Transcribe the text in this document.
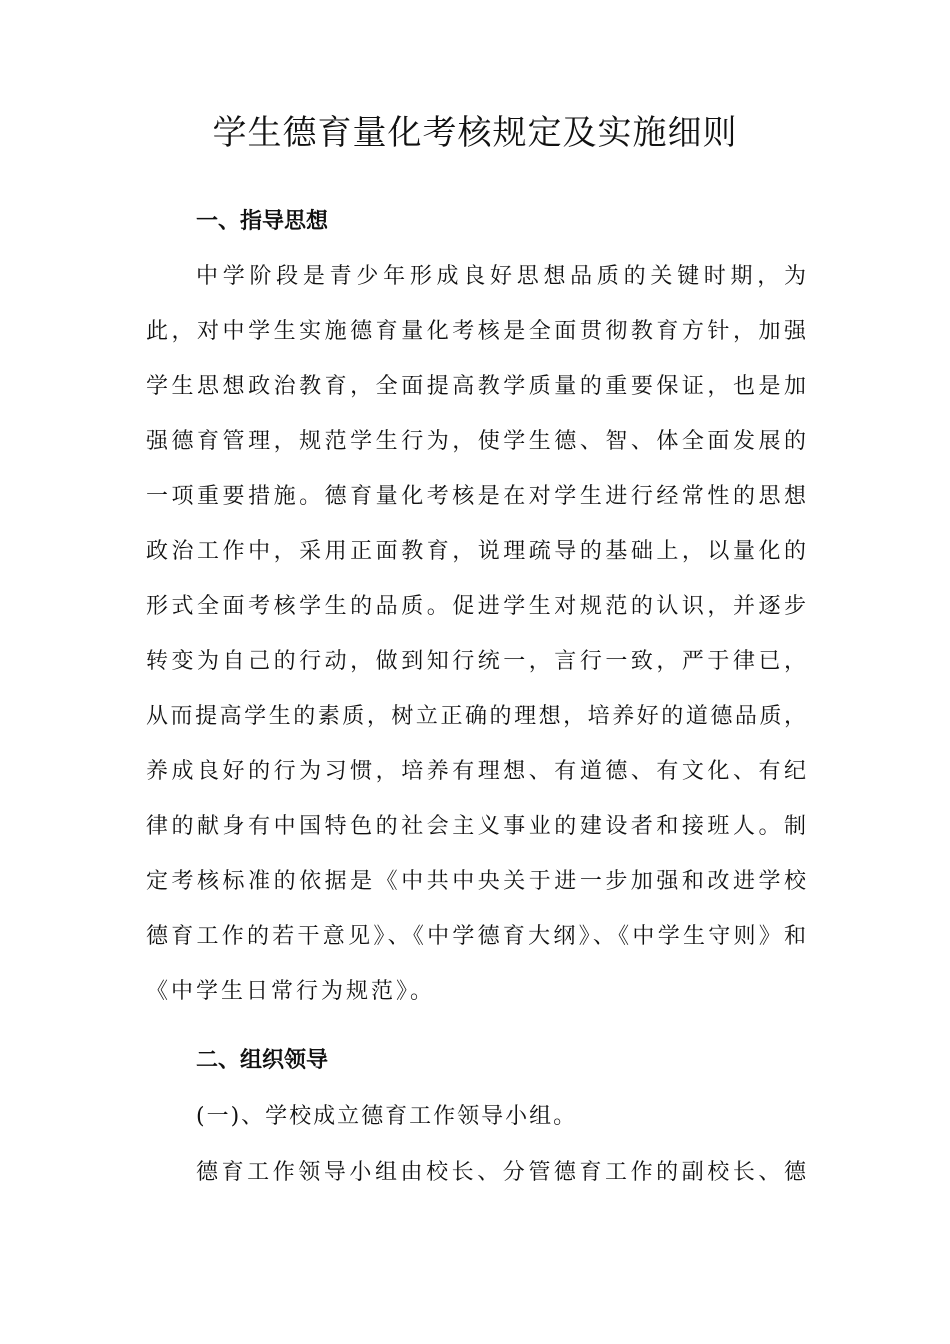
学生德育量化考核规定及实施细则
一、指导思想
中学阶段是青少年形成良好思想品质的关键时期，为
此，对中学生实施德育量化考核是全面贯彻教育方针，加强
学生思想政治教育，全面提高教学质量的重要保证，也是加
强德育管理，规范学生行为，使学生德、智、体全面发展的
一项重要措施。德育量化考核是在对学生进行经常性的思想
政治工作中，采用正面教育，说理疏导的基础上，以量化的
形式全面考核学生的品质。促进学生对规范的认识，并逐步
转变为自己的行动，做到知行统一，言行一致，严于律已，
从而提高学生的素质，树立正确的理想，培养好的道德品质，
养成良好的行为习惯，培养有理想、有道德、有文化、有纪
律的献身有中国特色的社会主义事业的建设者和接班人。制
定考核标准的依据是《中共中央关于进一步加强和改进学校
德育工作的若干意见》、《中学德育大纲》、《中学生守则》和
《中学生日常行为规范》。
二、组织领导
(一)、学校成立德育工作领导小组。
德育工作领导小组由校长、分管德育工作的副校长、德
